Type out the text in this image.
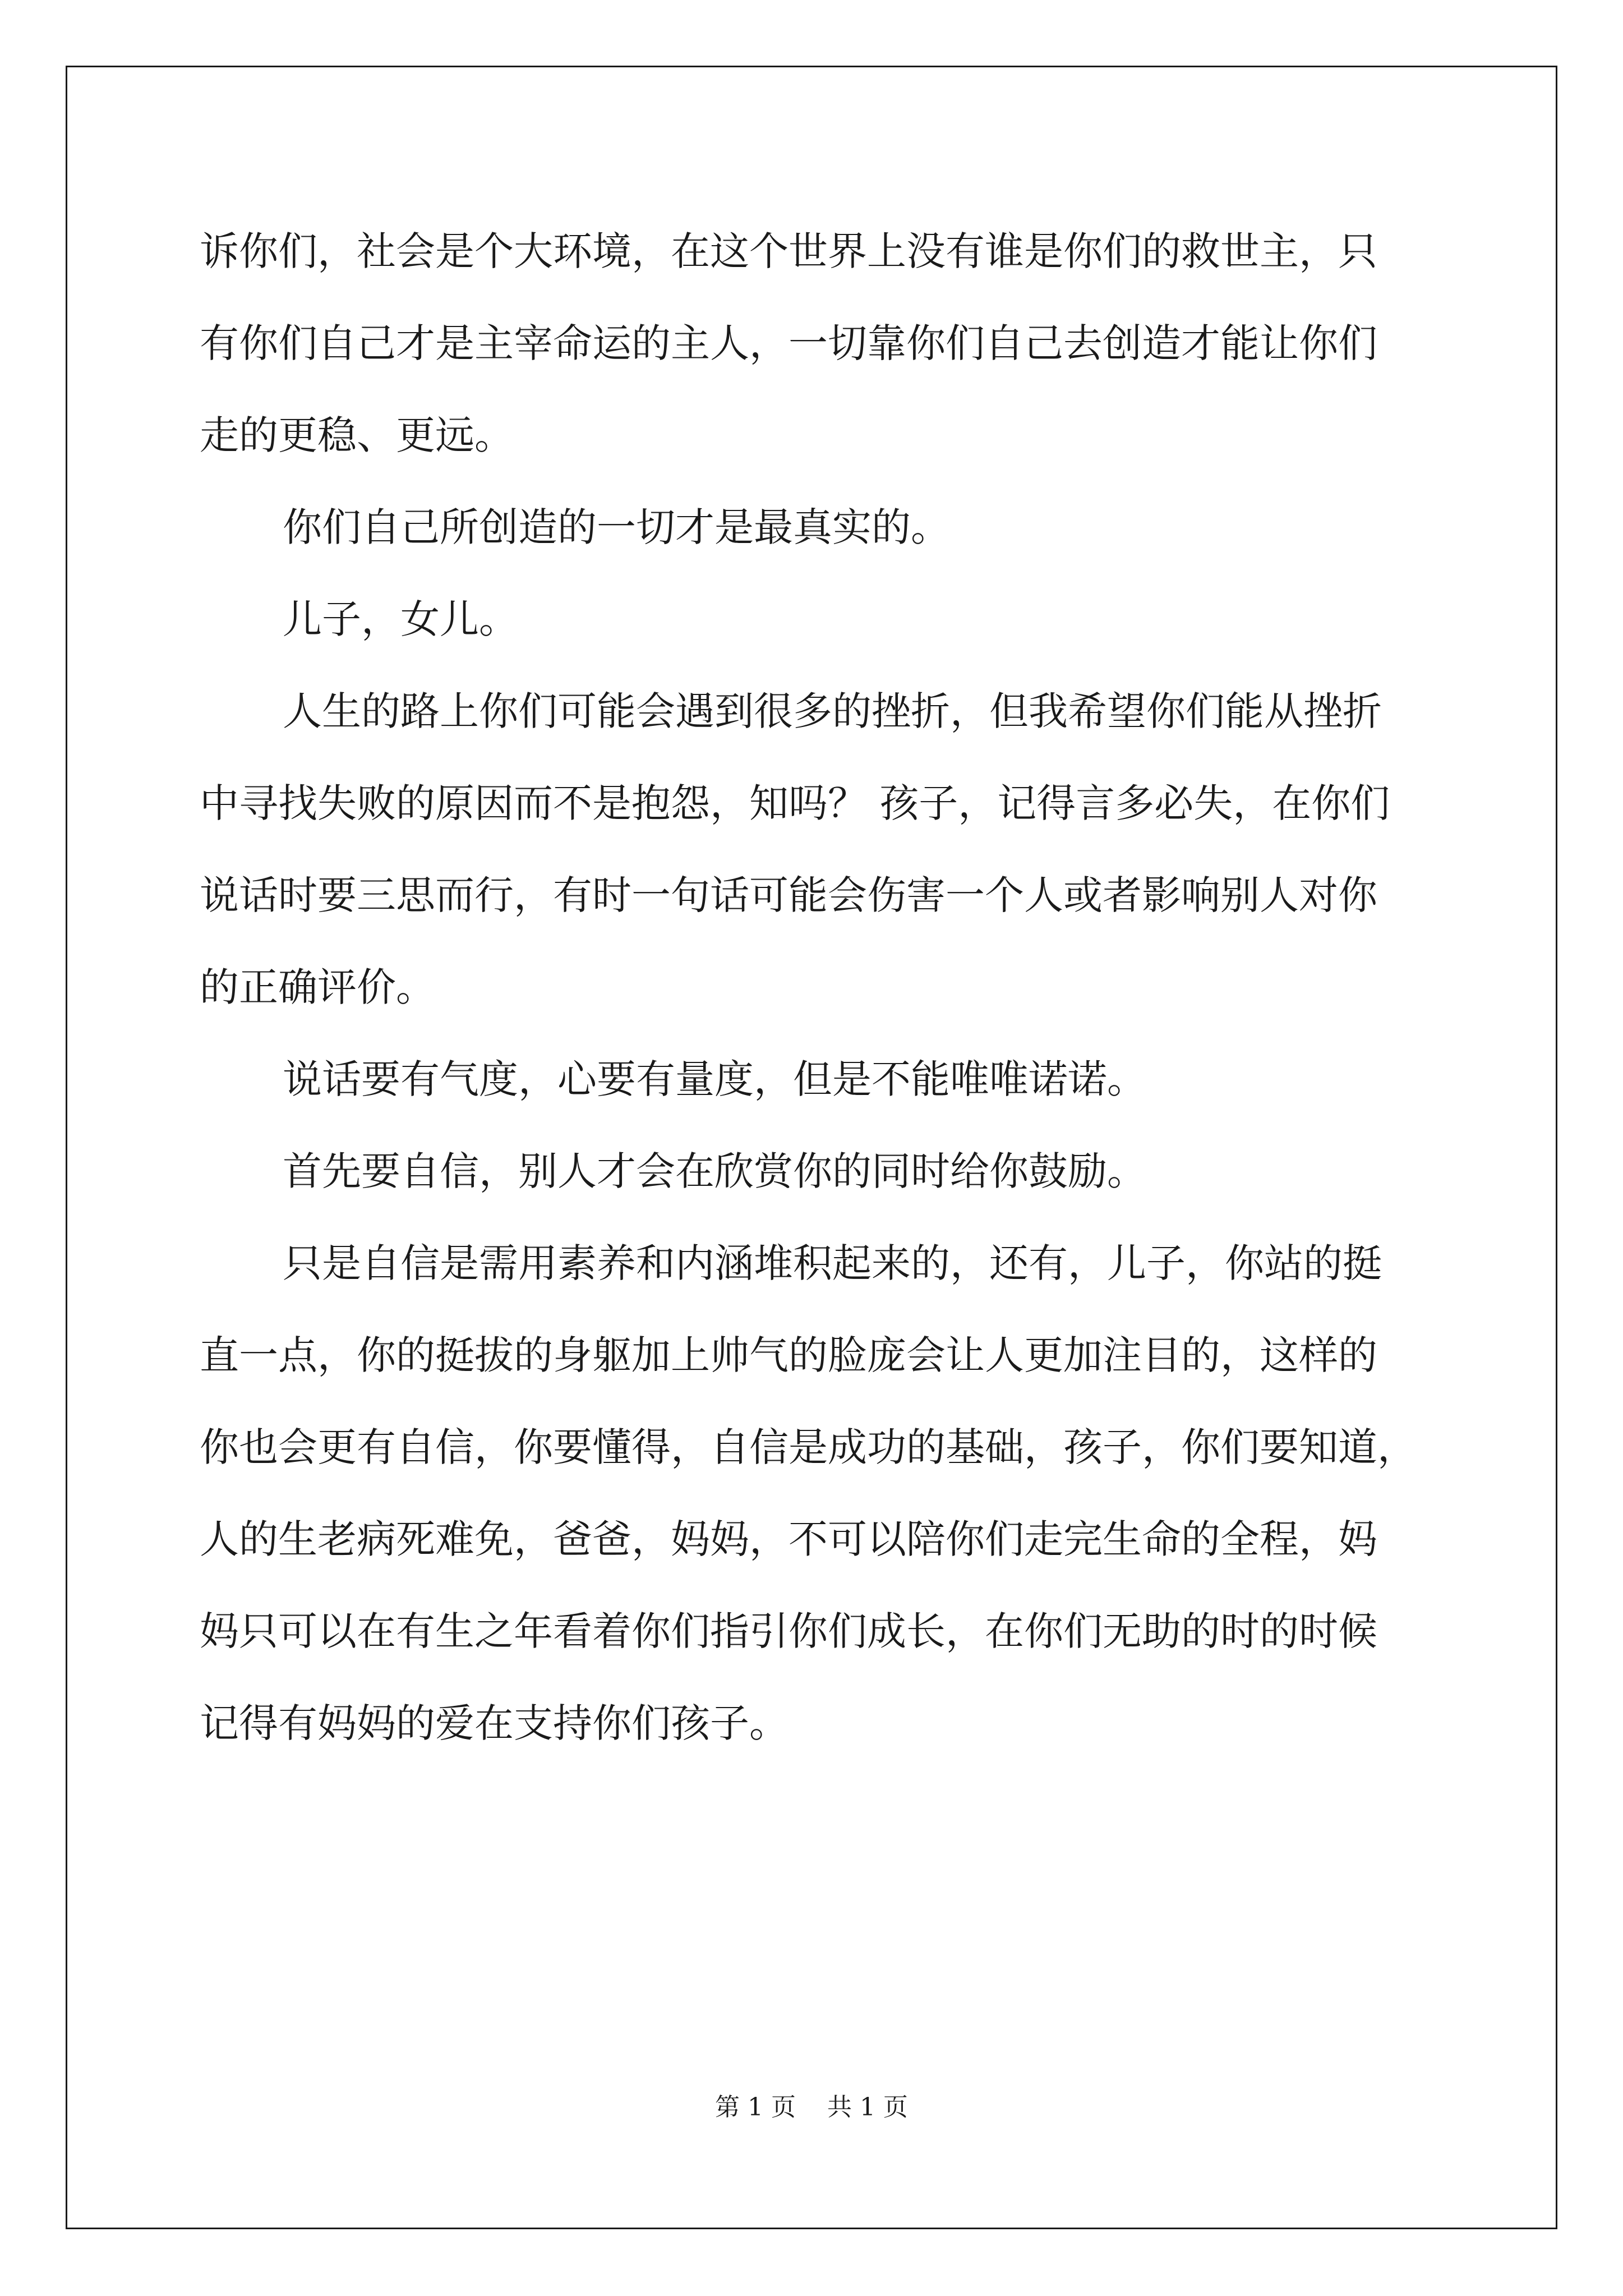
诉你们，社会是个大环境，在这个世界上没有谁是你们的救世主，只
有你们自己才是主宰命运的主人，一切靠你们自己去创造才能让你们
走的更稳、更远。
你们自己所创造的一切才是最真实的。
儿子，女儿。
人生的路上你们可能会遇到很多的挫折，但我希望你们能从挫折
中寻找失败的原因而不是抱怨，知吗？ 孩子，记得言多必失，在你们
说话时要三思而行，有时一句话可能会伤害一个人或者影响别人对你
的正确评价。
说话要有气度，心要有量度，但是不能唯唯诺诺。
首先要自信，别人才会在欣赏你的同时给你鼓励。
只是自信是需用素养和内涵堆积起来的，还有，儿子，你站的挺
直一点，你的挺拔的身躯加上帅气的脸庞会让人更加注目的，这样的
你也会更有自信，你要懂得，自信是成功的基础，孩子，你们要知道，
人的生老病死难免，爸爸，妈妈，不可以陪你们走完生命的全程，妈
妈只可以在有生之年看着你们指引你们成长，在你们无助的时的时候
记得有妈妈的爱在支持你们孩子。
第 1 页    共 1 页
